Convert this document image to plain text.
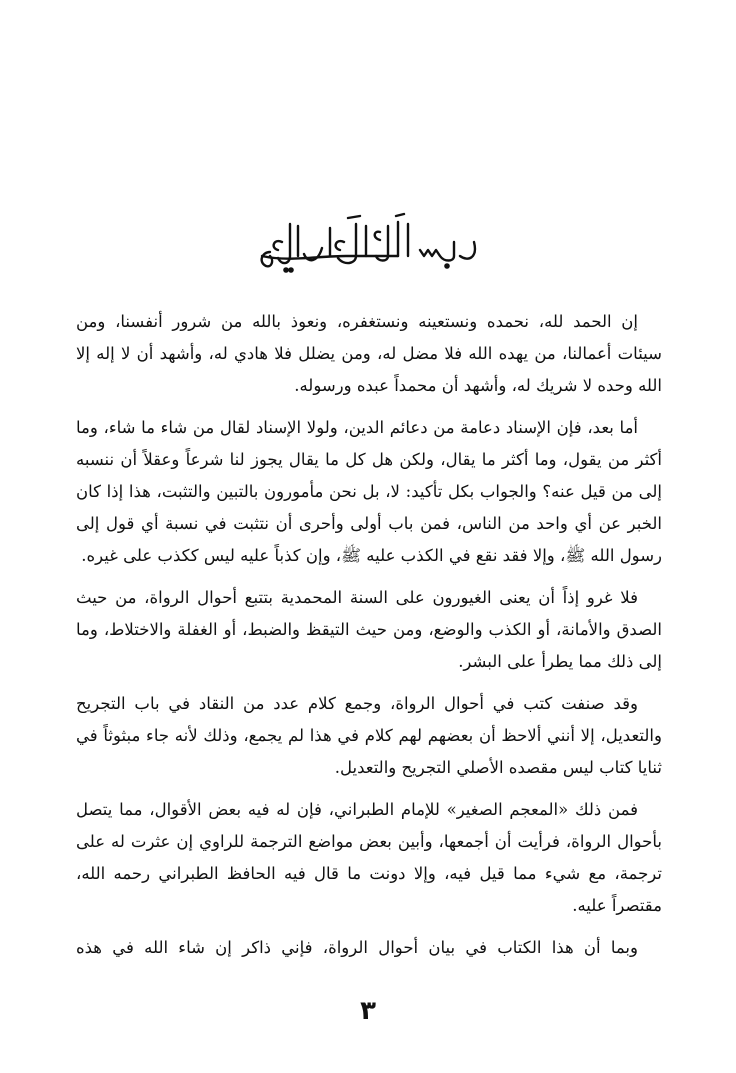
إن الحمد لله، نحمده ونستعينه ونستغفره، ونعوذ بالله من شرور أنفسنا، ومن سيئات أعمالنا، من يهده الله فلا مضل له، ومن يضلل فلا هادي له، وأشهد أن لا إله إلا الله وحده لا شريك له، وأشهد أن محمداً عبده ورسوله.

أما بعد، فإن الإسناد دعامة من دعائم الدين، ولولا الإسناد لقال من شاء ما شاء، وما أكثر من يقول، وما أكثر ما يقال، ولكن هل كل ما يقال يجوز لنا شرعاً وعقلاً أن ننسبه إلى من قيل عنه؟ والجواب بكل تأكيد: لا، بل نحن مأمورون بالتبين والتثبت، هذا إذا كان الخبر عن أي واحد من الناس، فمن باب أولى وأحرى أن نتثبت في نسبة أي قول إلى رسول الله ﷺ، وإلا فقد نقع في الكذب عليه ﷺ، وإن كذباً عليه ليس ككذب على غيره.

فلا غرو إذاً أن يعنى الغيورون على السنة المحمدية بتتبع أحوال الرواة، من حيث الصدق والأمانة، أو الكذب والوضع، ومن حيث التيقظ والضبط، أو الغفلة والاختلاط، وما إلى ذلك مما يطرأ على البشر.

وقد صنفت كتب في أحوال الرواة، وجمع كلام عدد من النقاد في باب التجريح والتعديل، إلا أنني ألاحظ أن بعضهم لهم كلام في هذا لم يجمع، وذلك لأنه جاء مبثوثاً في ثنايا كتاب ليس مقصده الأصلي التجريح والتعديل.

فمن ذلك «المعجم الصغير» للإمام الطبراني، فإن له فيه بعض الأقوال، مما يتصل بأحوال الرواة، فرأيت أن أجمعها، وأبين بعض مواضع الترجمة للراوي إن عثرت له على ترجمة، مع شيء مما قيل فيه، وإلا دونت ما قال فيه الحافظ الطبراني رحمه الله، مقتصراً عليه.

وبما أن هذا الكتاب في بيان أحوال الرواة، فإني ذاكر إن شاء الله في هذه

٣
